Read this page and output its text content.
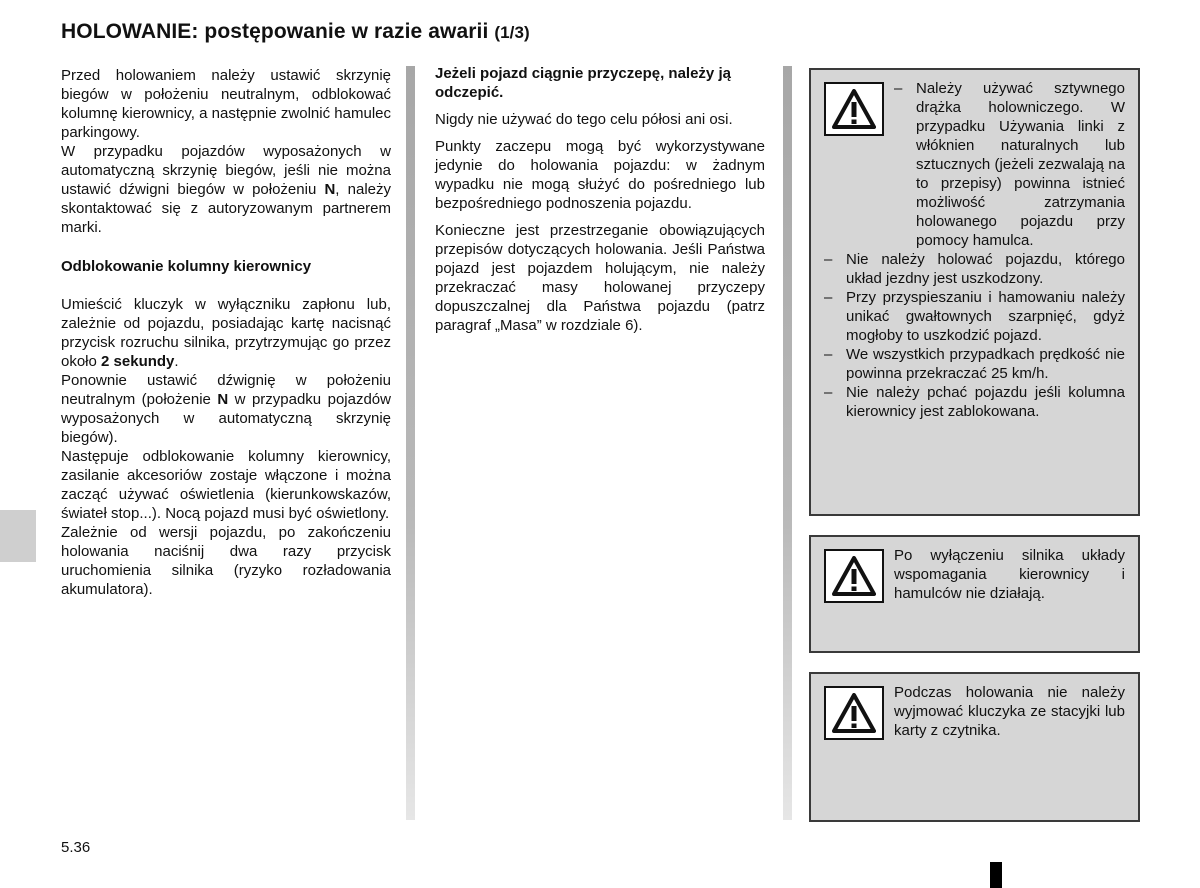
HOLOWANIE: postępowanie w razie awarii (1/3)

Przed holowaniem należy ustawić skrzynię biegów w położeniu neutralnym, odblokować kolumnę kierownicy, a następnie zwolnić hamulec parkingowy.

W przypadku pojazdów wyposażonych w automatyczną skrzynię biegów, jeśli nie można ustawić dźwigni biegów w położeniu N, należy skontaktować się z autoryzowanym partnerem marki.

Odblokowanie kolumny kierownicy

Umieścić kluczyk w wyłączniku zapłonu lub, zależnie od pojazdu, posiadając kartę nacisnąć przycisk rozruchu silnika, przytrzymując go przez około 2 sekundy.

Ponownie ustawić dźwignię w położeniu neutralnym (położenie N w przypadku pojazdów wyposażonych w automatyczną skrzynię biegów).

Następuje odblokowanie kolumny kierownicy, zasilanie akcesoriów zostaje włączone i można zacząć używać oświetlenia (kierunkowskazów, świateł stop...). Nocą pojazd musi być oświetlony.

Zależnie od wersji pojazdu, po zakończeniu holowania naciśnij dwa razy przycisk uruchomienia silnika (ryzyko rozładowania akumulatora).

Jeżeli pojazd ciągnie przyczepę, należy ją odczepić.

Nigdy nie używać do tego celu półosi ani osi.

Punkty zaczepu mogą być wykorzystywane jedynie do holowania pojazdu: w żadnym wypadku nie mogą służyć do pośredniego lub bezpośredniego podnoszenia pojazdu.

Konieczne jest przestrzeganie obowiązujących przepisów dotyczących holowania. Jeśli Państwa pojazd jest pojazdem holującym, nie należy przekraczać masy holowanej przyczepy dopuszczalnej dla Państwa pojazdu (patrz paragraf „Masa” w rozdziale 6).

– Należy używać sztywnego drążka holowniczego. W przypadku Używania linki z włóknien naturalnych lub sztucznych (jeżeli zezwalają na to przepisy) powinna istnieć możliwość zatrzymania holowanego pojazdu przy pomocy hamulca.
– Nie należy holować pojazdu, którego układ jezdny jest uszkodzony.
– Przy przyspieszaniu i hamowaniu należy unikać gwałtownych szarpnięć, gdyż mogłoby to uszkodzić pojazd.
– We wszystkich przypadkach prędkość nie powinna przekraczać 25 km/h.
– Nie należy pchać pojazdu jeśli kolumna kierownicy jest zablokowana.

Po wyłączeniu silnika układy wspomagania kierownicy i hamulców nie działają.

Podczas holowania nie należy wyjmować kluczyka ze stacyjki lub karty z czytnika.

5.36
